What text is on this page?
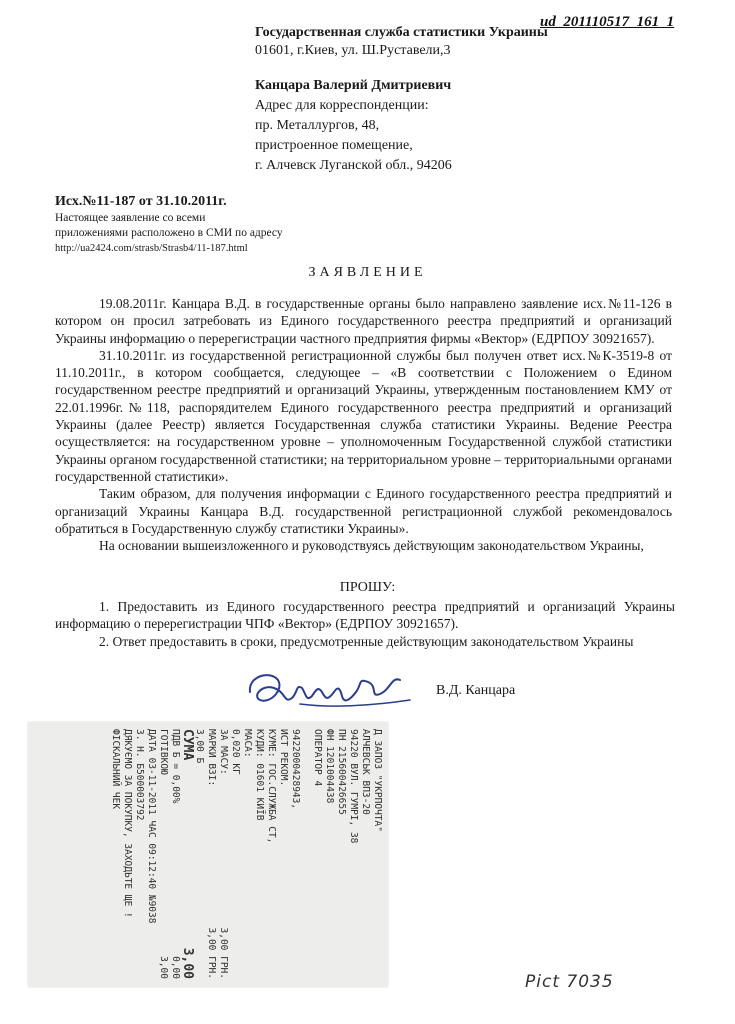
ud_201110517_161_1
Государственная служба статистики Украины
01601, г.Киев, ул. Ш.Руставели,3
Канцара Валерий Дмитриевич
Адрес для корреспонденции:
пр. Металлургов, 48,
пристроенное помещение,
г. Алчевск Луганской обл., 94206
Исх.№11-187 от 31.10.2011г.
Настоящее заявление со всеми
приложениями расположено в СМИ по адресу
http://ua2424.com/strasb/Strasb4/11-187.html
ЗАЯВЛЕНИЕ

19.08.2011г. Канцара В.Д. в государственные органы было направлено заявление исх.№11-126 в котором он просил затребовать из Единого государственного реестра предприятий и организаций Украины информацию о перерегистрации частного предприятия фирмы «Вектор» (ЕДРПОУ 30921657).

31.10.2011г. из государственной регистрационной службы был получен ответ исх.№К-3519-8 от 11.10.2011г., в котором сообщается, следующее – «В соответствии с Положением о Едином государственном реестре предприятий и организаций Украины, утвержденным постановлением КМУ от 22.01.1996г.№118, распорядителем Единого государственного реестра предприятий и организаций Украины (далее Реестр) является Государственная служба статистики Украины. Ведение Реестра осуществляется: на государственном уровне – уполномоченным Государственной службой статистики Украины органом государственной статистики; на территориальном уровне – территориальными органами государственной статистики».

Таким образом, для получения информации с Единого государственного реестра предприятий и организаций Украины Канцара В.Д. государственной регистрационной службой рекомендовалось обратиться в Государственную службу статистики Украины».

На основании вышеизложенного и руководствуясь действующим законодательством Украины,

ПРОШУ:

1. Предоставить из Единого государственного реестра предприятий и организаций Украины информацию о перерегистрации ЧПФ «Вектор» (ЕДРПОУ 30921657).

2. Ответ предоставить в сроки, предусмотренные действующим законодательством Украины

В.Д. Канцара
Д ЗАПОЗ "УКРПОЧТА"
АЛЧЕВСЬК ВПЗ-20
94220 ВУЛ. ГУМРІ, 38
ПН 215600426655
ФН 1201004438
ОПЕРАТОР 4
9422000428943,
ИСТ РЕКОМ.
КУМЕ: ГОС.СЛУЖБА СТ,
КУДИ: 01601 КИЇВ
МАСА:
0,020 КГ
ЗА МАСУ:
3,00 ГРН.
МАРКИ ВЗІ:
3,00 ГРН.
3,00 Б
СУМА
3,00
ПДВ Б = 0,00%
0,00
ГОТІВКОЮ
3,00
ДАТА 03-11-2011 ЧАС 09:12:40 №9038
З. Н. Б500003792
ДЯКУЄМО ЗА ПОКУПКУ, ЗАХОДЬТЕ ЩЕ !
ФІСКАЛЬНИЙ ЧЕК
Pict 7035
